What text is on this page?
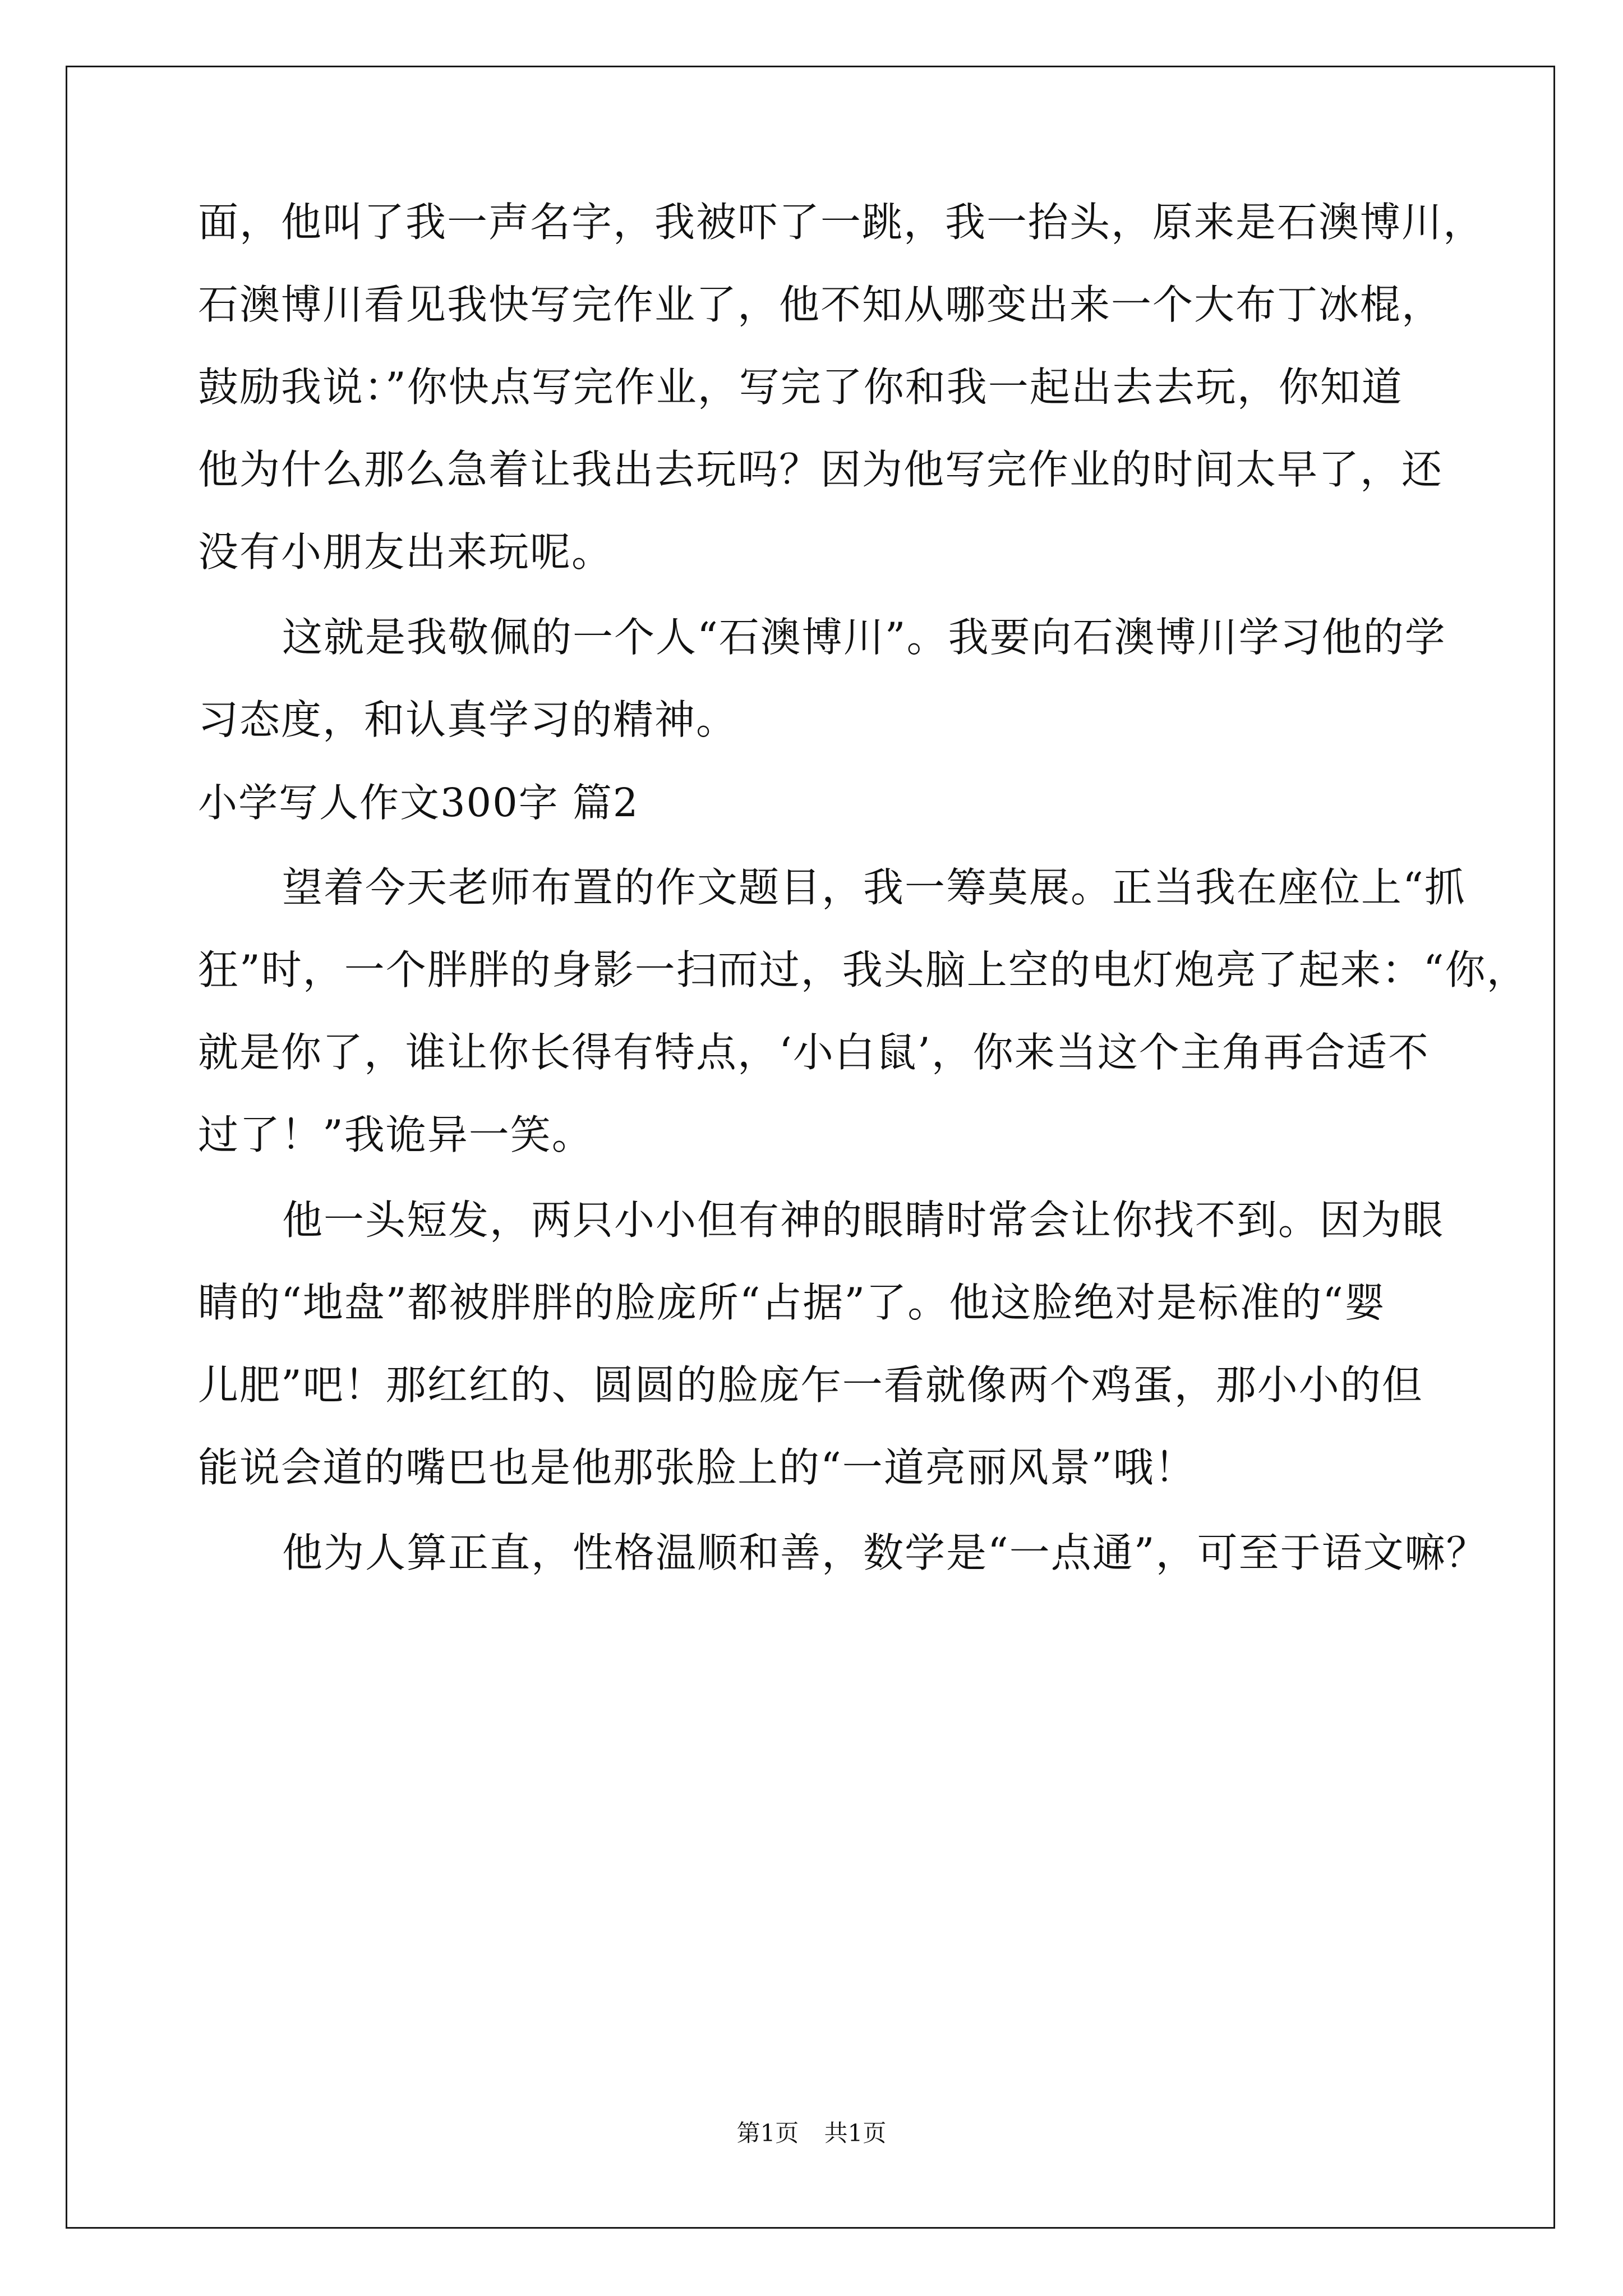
面，他叫了我一声名字，我被吓了一跳，我一抬头，原来是石澳博川，
石澳博川看见我快写完作业了，他不知从哪变出来一个大布丁冰棍，
鼓励我说：”你快点写完作业，写完了你和我一起出去去玩，你知道
他为什么那么急着让我出去玩吗？因为他写完作业的时间太早了，还
没有小朋友出来玩呢。
这就是我敬佩的一个人“石澳博川”。我要向石澳博川学习他的学
习态度，和认真学习的精神。
小学写人作文300字 篇2
望着今天老师布置的作文题目，我一筹莫展。正当我在座位上“抓
狂”时，一个胖胖的身影一扫而过，我头脑上空的电灯炮亮了起来：“你，
就是你了，谁让你长得有特点，‘小白鼠’，你来当这个主角再合适不
过了！”我诡异一笑。
他一头短发，两只小小但有神的眼睛时常会让你找不到。因为眼
睛的“地盘”都被胖胖的脸庞所“占据”了。他这脸绝对是标准的“婴
儿肥”吧！那红红的、圆圆的脸庞乍一看就像两个鸡蛋，那小小的但
能说会道的嘴巴也是他那张脸上的“一道亮丽风景”哦！
他为人算正直，性格温顺和善，数学是“一点通”，可至于语文嘛？
第1页 共1页
